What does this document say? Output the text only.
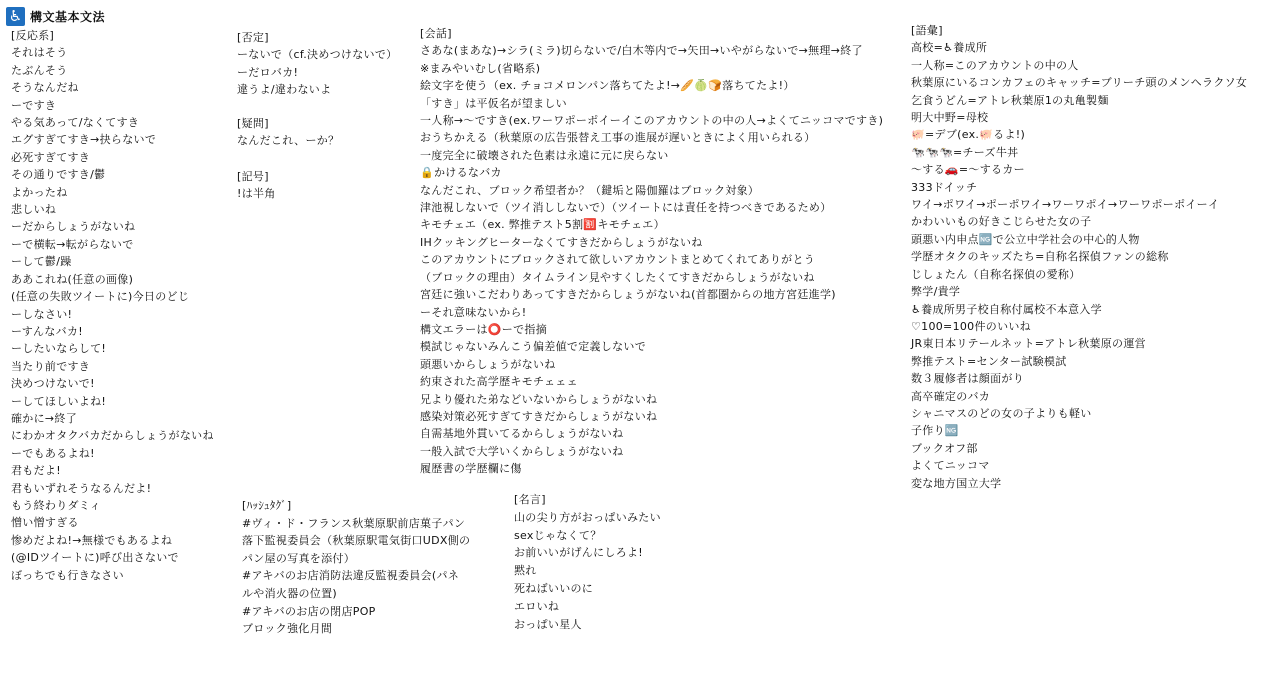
♿ 構文基本文法
[反応系]
それはそう
たぶんそう
そうなんだね
ーですき
やる気あって/なくてすき
エグすぎてすき→抉らないで
必死すぎてすき
その通りですき/鬱
よかったね
悲しいね
ーだからしょうがないね
ーで横転→転がらないで
ーして鬱/躁
ああこれね(任意の画像)
(任意の失敗ツイートに)今日のどじ
ーしなさい!
ーすんなバカ!
ーしたいならして!
当たり前ですき
決めつけないで!
ーしてほしいよね!
確かに→終了
にわかオタクバカだからしょうがないね
ーでもあるよね!
君もだよ!
君もいずれそうなるんだよ!
もう終わりダミィ
憎い憎すぎる
惨めだよね!→無様でもあるよね
(@IDツイートに)呼び出さないで
ぼっちでも行きなさい
[否定]
ーないで（cf.決めつけないで）
ーだロバカ!
違うよ/違わないよ
[疑問]
なんだこれ、ーか？
[記号]
!は半角
[会話]
さあな(まあな)→シラ(ミラ)切らないで/白木等内で→矢田→いやがらないで→無理→終了
※まみやいむし(省略系)
絵文字を使う（ex. チョコメロンパン落ちてたよ!→🥖🍈🍞落ちてたよ!）
「すき」は平仮名が望ましい
一人称→～ですき(ex.ワーワポーポイーイこのアカウントの中の人→よくてニッコマですき)
おうちかえる（秋葉原の広告張替え工事の進展が遅いときによく用いられる）
一度完全に破壊された色素は永遠に元に戻らない
🔒かけるなバカ
なんだこれ、ブロック希望者か？（鍵垢と陽伽羅はブロック対象）
津池視しないで（ツイ消ししないで）（ツイートには責任を持つべきであるため）
キモチェエ（ex. 弊推テスト5割🈹キモチェエ）
IHクッキングヒーターなくてすきだからしょうがないね
このアカウントにブロックされて欲しいアカウントまとめてくれてありがとう
（ブロックの理由）タイムライン見やすくしたくてすきだからしょうがないね
宮廷に強いこだわりあってすきだからしょうがないね(首都圏からの地方宮廷進学)
ーそれ意味ないから!
構文エラーは⭕ーで指摘
模試じゃないみんこう偏差値で定義しないで
頭悪いからしょうがないね
約束された高学歴キモチェェェ
兄より優れた弟などいないからしょうがないね
感染対策必死すぎてすきだからしょうがないね
自需基地外貫いてるからしょうがないね
一般入試で大学いくからしょうがないね
履歴書の学歴欄に傷
[語彙]
高校=♿養成所
一人称=このアカウントの中の人
秋葉原にいるコンカフェのキャッチ=ブリーチ頭のメンヘラクソ女
乞食うどん=アトレ秋葉原1の丸亀製麺
明大中野=母校
🐖=デブ(ex.🐖るよ!)
🐄🐄🐄=チーズ牛丼
～する🚗=～するカー
333ドイッチ
ワイ→ポワイ→ポーポワイ→ワーワポイ→ワーワポーポイーイ
かわいいもの好きこじらせた女の子
頭悪い内申点🆖で公立中学社会の中心的人物
学歴オタクのキッズたち=自称名探偵ファンの総称
じしょたん（自称名探偵の愛称）
弊学/貴学
♿養成所男子校自称付属校不本意入学
♡100=100件のいいね
JR東日本リテールネット=アトレ秋葉原の運営
弊推テスト=センター試験模試
数３履修者は顔面がり
高卒確定のバカ
シャニマスのどの女の子よりも軽い
子作り🆖
ブックオフ部
よくてニッコマ
変な地方国立大学
[ﾊｯｼｭﾀｸﾞ]
#ヴィ・ド・フランス秋葉原駅前店菓子パン
落下監視委員会（秋葉原駅電気街口UDX側の
パン屋の写真を添付）
#アキバのお店消防法違反監視委員会(パネ
ルや消火器の位置)
#アキバのお店の閉店POP
ブロック強化月間
[名言]
山の尖り方がおっぱいみたい
sexじゃなくて？
お前いいがげんにしろよ!
黙れ
死ねばいいのに
エロいね
おっぱい星人
